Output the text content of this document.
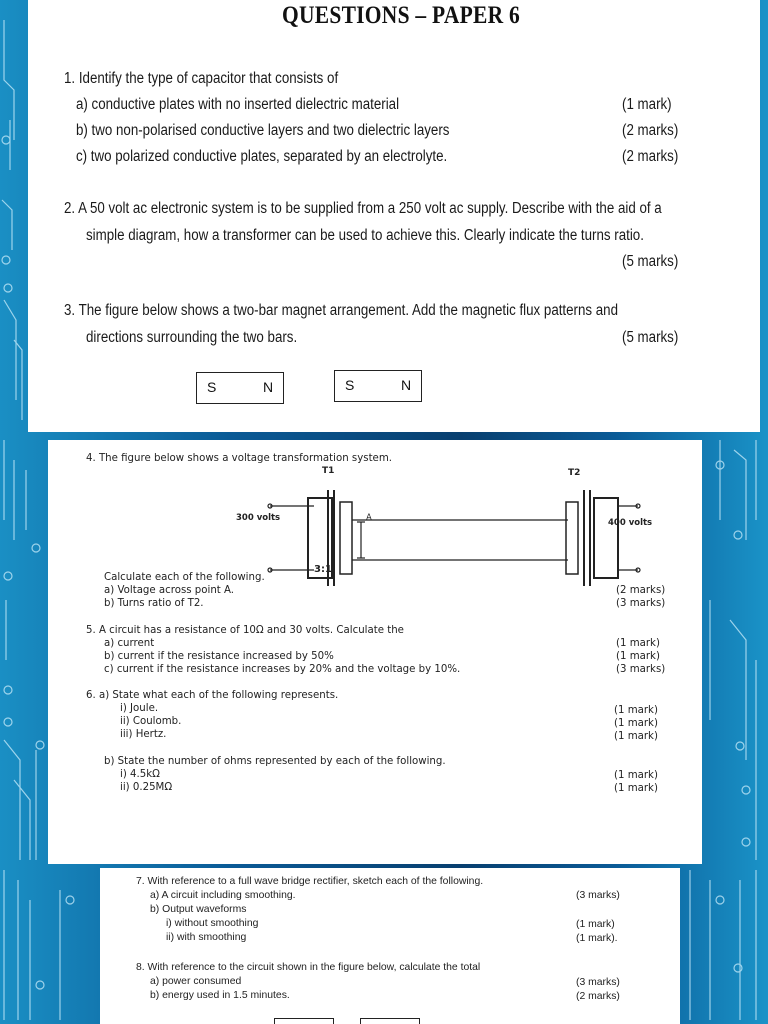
QUESTIONS – PAPER 6
1. Identify the type of capacitor that consists of
a) conductive plates with no inserted dielectric material	(1 mark)
b) two non-polarised conductive layers and two dielectric layers	(2 marks)
c) two polarized conductive plates, separated by an electrolyte.	(2 marks)
2. A 50 volt ac electronic system is to be supplied from a 250 volt ac supply. Describe with the aid of a
simple diagram, how a transformer can be used to achieve this. Clearly indicate the turns ratio.
(5 marks)
3. The figure below shows a two-bar magnet arrangement. Add the magnetic flux patterns and
directions surrounding the two bars.	(5 marks)
S	N	S	N
4. The figure below shows a voltage transformation system.
T1	T2
300 volts	400 volts
A
3:1
Calculate each of the following.
a) Voltage across point A.	(2 marks)
b) Turns ratio of T2.	(3 marks)
5. A circuit has a resistance of 10Ω and 30 volts. Calculate the
a) current	(1 mark)
b) current if the resistance increased by 50%	(1 mark)
c) current if the resistance increases by 20% and the voltage by 10%.	(3 marks)
6. a) State what each of the following represents.
i) Joule.	(1 mark)
ii) Coulomb.	(1 mark)
iii) Hertz.	(1 mark)
b) State the number of ohms represented by each of the following.
i) 4.5kΩ	(1 mark)
ii) 0.25MΩ	(1 mark)
7. With reference to a full wave bridge rectifier, sketch each of the following.
a) A circuit including smoothing.	(3 marks)
b) Output waveforms
i) without smoothing	(1 mark)
ii) with smoothing	(1 mark).
8. With reference to the circuit shown in the figure below, calculate the total
a) power consumed	(3 marks)
b) energy used in 1.5 minutes.	(2 marks)
